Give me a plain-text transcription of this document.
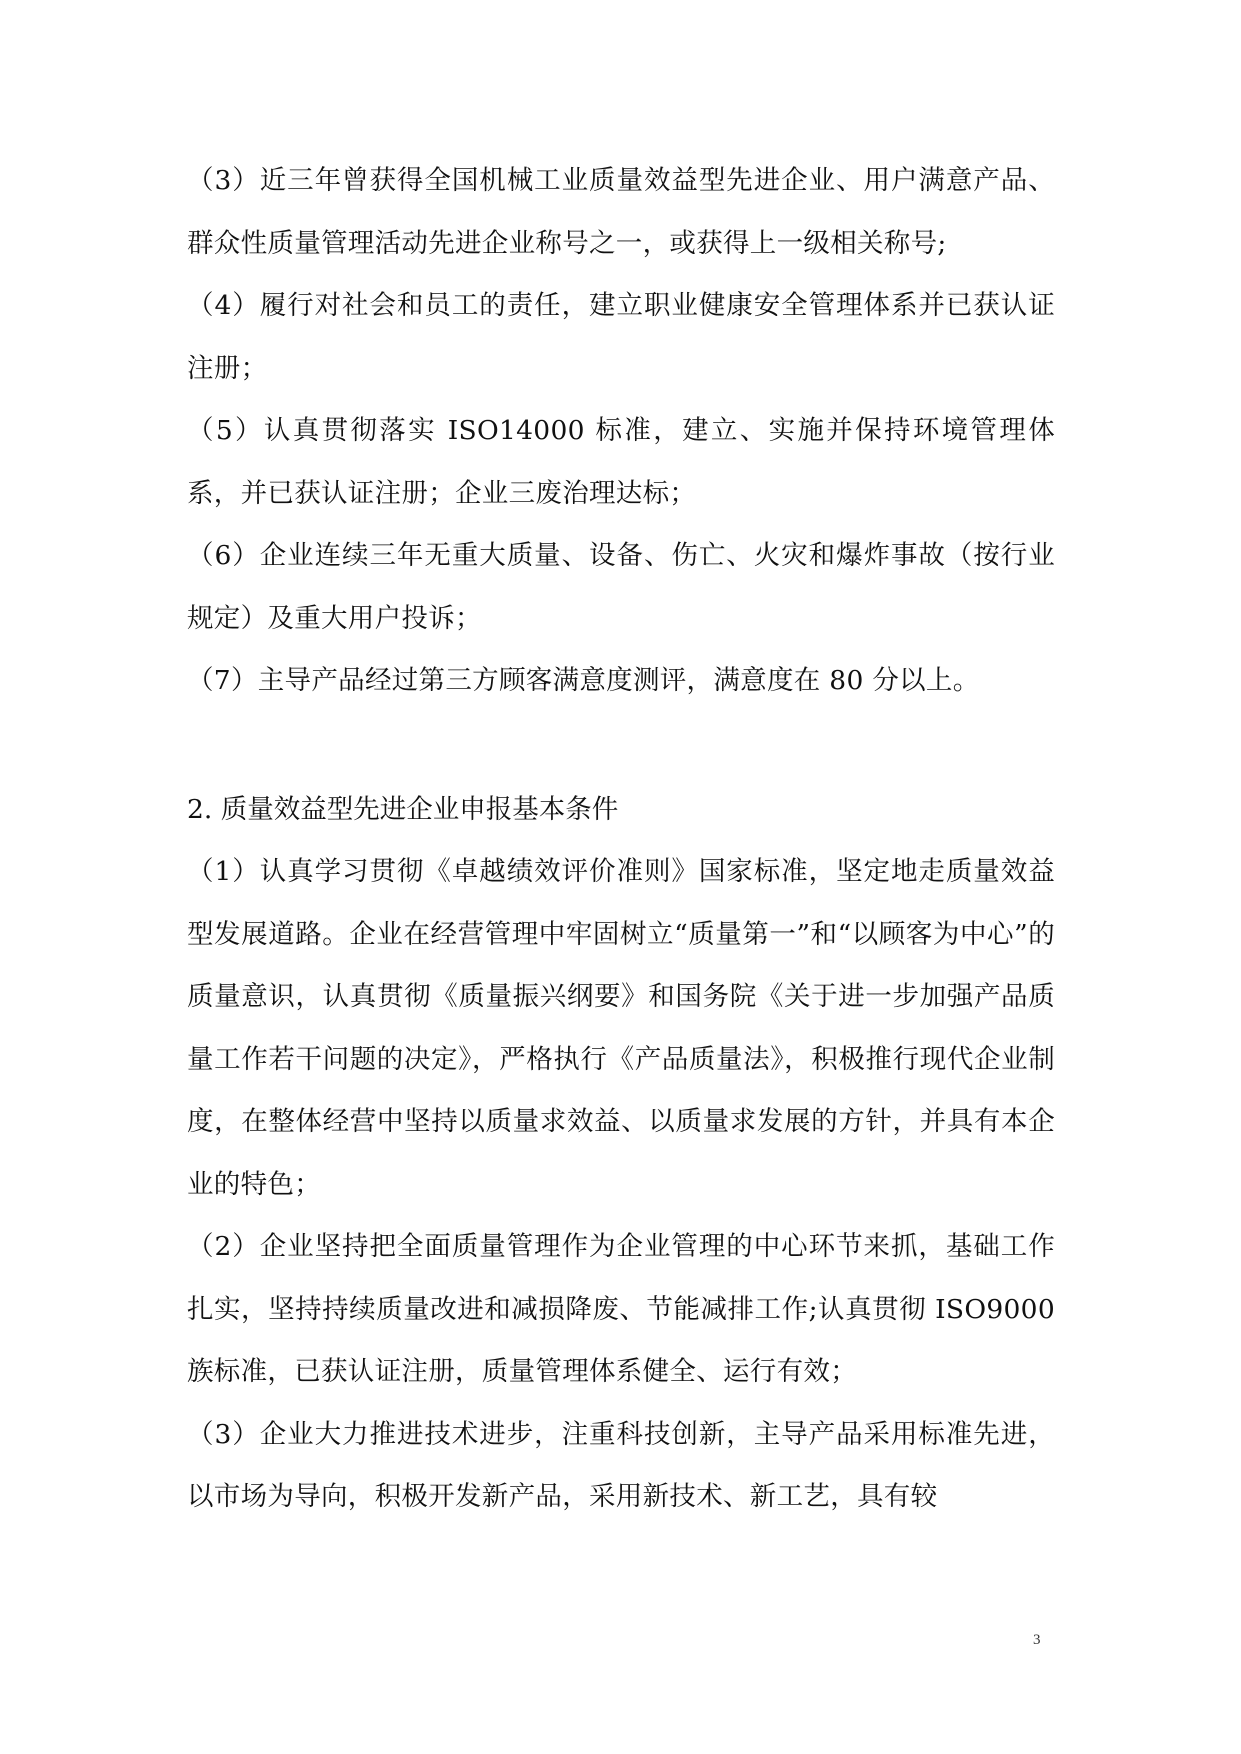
（3）近三年曾获得全国机械工业质量效益型先进企业、用户满意产品、群众性质量管理活动先进企业称号之一，或获得上一级相关称号;

（4）履行对社会和员工的责任，建立职业健康安全管理体系并已获认证注册；

（5）认真贯彻落实 ISO14000 标准，建立、实施并保持环境管理体系，并已获认证注册；企业三废治理达标；

（6）企业连续三年无重大质量、设备、伤亡、火灾和爆炸事故（按行业规定）及重大用户投诉；

（7）主导产品经过第三方顾客满意度测评，满意度在 80 分以上。

2. 质量效益型先进企业申报基本条件

（1）认真学习贯彻《卓越绩效评价准则》国家标准，坚定地走质量效益型发展道路。企业在经营管理中牢固树立“质量第一”和“以顾客为中心”的质量意识，认真贯彻《质量振兴纲要》和国务院《关于进一步加强产品质量工作若干问题的决定》，严格执行《产品质量法》，积极推行现代企业制度，在整体经营中坚持以质量求效益、以质量求发展的方针，并具有本企业的特色；

（2）企业坚持把全面质量管理作为企业管理的中心环节来抓，基础工作扎实，坚持持续质量改进和减损降废、节能减排工作;认真贯彻 ISO9000 族标准，已获认证注册，质量管理体系健全、运行有效；

（3）企业大力推进技术进步，注重科技创新，主导产品采用标准先进，以市场为导向，积极开发新产品，采用新技术、新工艺，具有较

3
